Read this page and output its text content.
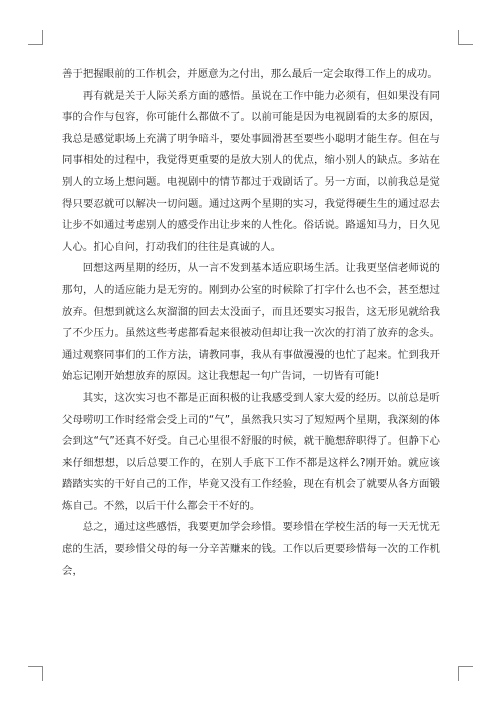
善于把握眼前的工作机会，并愿意为之付出，那么最后一定会取得工作上的成功。

再有就是关于人际关系方面的感悟。虽说在工作中能力必须有，但如果没有同事的合作与包容，你可能什么都做不了。以前可能是因为电视剧看的太多的原因，我总是感觉职场上充满了明争暗斗，要处事圆滑甚至要些小聪明才能生存。但在与同事相处的过程中，我觉得更重要的是放大别人的优点，缩小别人的缺点。多站在别人的立场上想问题。电视剧中的情节都过于戏剧话了。另一方面，以前我总是觉得只要忍就可以解决一切问题。通过这两个星期的实习，我觉得硬生生的通过忍去让步不如通过考虑别人的感受作出让步来的人性化。俗话说。路遥知马力，日久见人心。扪心自问，打动我们的往往是真诚的人。

回想这两星期的经历，从一言不发到基本适应职场生活。让我更坚信老师说的那句，人的适应能力是无穷的。刚到办公室的时候除了打字什么也不会，甚至想过放弃。但想到就这么灰溜溜的回去太没面子，而且还要实习报告，这无形见就给我了不少压力。虽然这些考虑都看起来很被动但却让我一次次的打消了放弃的念头。通过观察同事们的工作方法，请教同事，我从有事做漫漫的也忙了起来。忙到我开始忘记刚开始想放弃的原因。这让我想起一句广告词，一切皆有可能!

其实，这次实习也不都是正面积极的让我感受到人家大爱的经历。以前总是听父母唠叨工作时经常会受上司的“气”，虽然我只实习了短短两个星期，我深刻的体会到这“气”还真不好受。自己心里很不舒服的时候，就干脆想辞职得了。但静下心来仔细想想，以后总要工作的，在别人手底下工作不都是这样么?刚开始。就应该踏踏实实的干好自己的工作，毕竟又没有工作经验，现在有机会了就要从各方面锻炼自己。不然，以后干什么都会干不好的。

总之，通过这些感悟，我要更加学会珍惜。要珍惜在学校生活的每一天无忧无虑的生活，要珍惜父母的每一分辛苦赚来的钱。工作以后更要珍惜每一次的工作机会，
